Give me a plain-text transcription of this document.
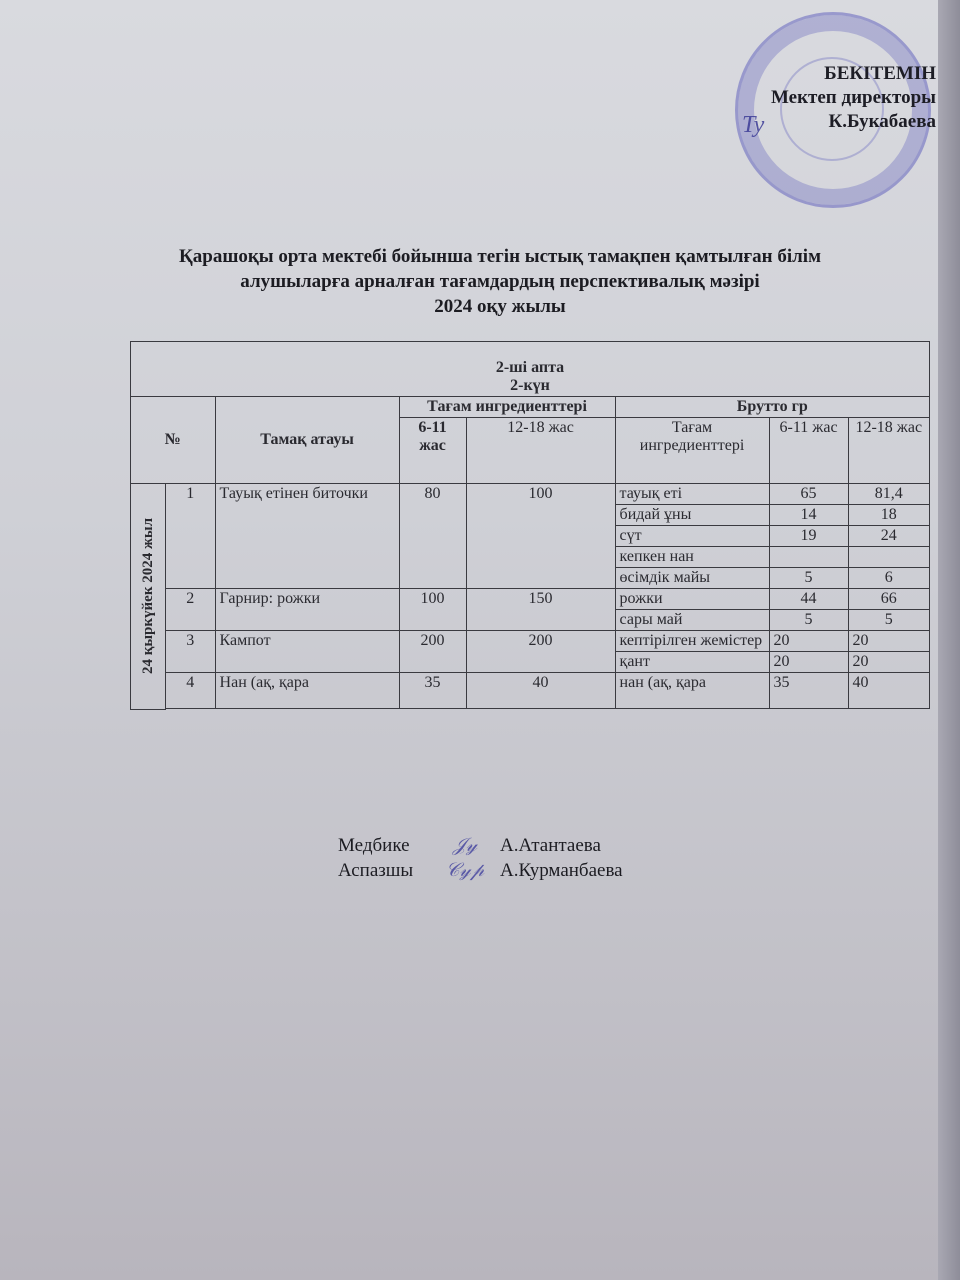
БЕКІТЕМІН
Мектеп директоры
К.Букабаева
Ty
Қарашоқы орта мектебі бойынша тегін ыстық тамақпен қамтылған білім
алушыларға арналған тағамдардың перспективалық мәзірі
2024 оқу жылы
2-ші апта
2-күн							

№		Тамақ атауы	Тағам ингредиенттері		Брутто гр		
			6-11 жас	12-18 жас	Тағам ингредиенттері	6-11 жас	12-18 жас

24 қыркүйек 2024 жыл	1	Тауық етінен биточки	80	100	тауық еті	65	81,4
					бидай ұны	14	18
					сүт	19	24
					кепкен нан		
					өсімдік майы	5	6
	2	Гарнир: рожки	100	150	рожки	44	66
					сары май	5	5
	3	Кампот	200	200	кептірілген жемістер	20	20
					қант	20	20
	4	Нан (ақ, қара	35	40	нан (ақ, қара	35	40

Медбике	𝒥𝓎	А.Атантаева
Аспазшы	𝒞𝓎𝓅 А.Курманбаева
